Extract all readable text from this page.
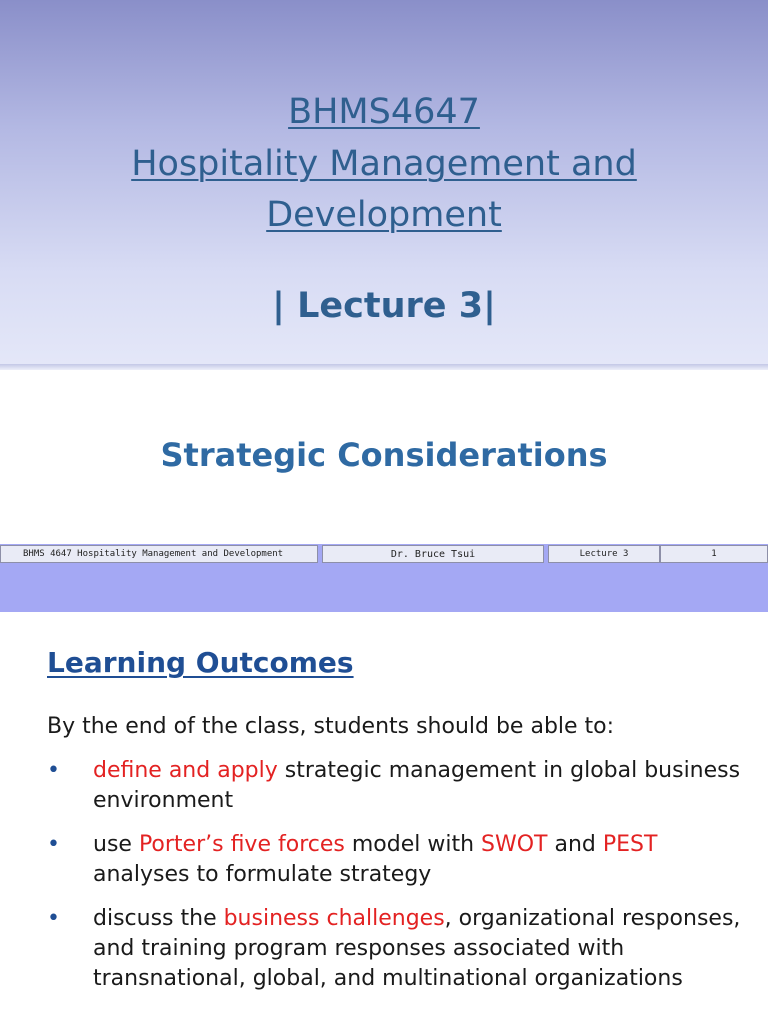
BHMS4647
Hospitality Management and
Development
| Lecture 3|
Strategic Considerations
BHMS 4647 Hospitality Management and Development	Dr. Bruce Tsui	Lecture 3	1
Learning Outcomes
By the end of the class, students should be able to:
• define and apply strategic management in global business environment
• use Porter’s five forces model with SWOT and PEST analyses to formulate strategy
• discuss the business challenges, organizational responses, and training program responses associated with transnational, global, and multinational organizations
